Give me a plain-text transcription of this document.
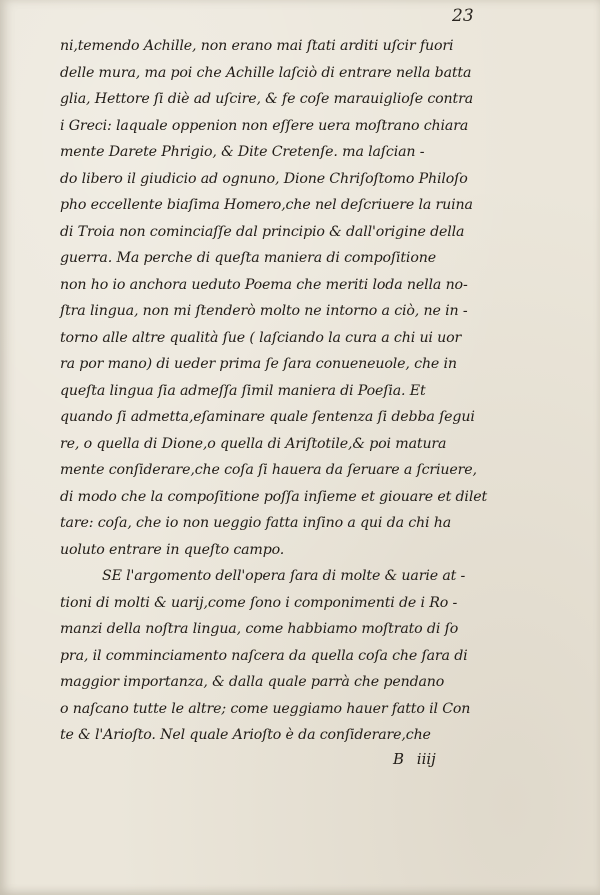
23
ni,temendo Achille, non erano mai ſtati arditi uſcir fuori
delle mura, ma poi che Achille laſciò di entrare nella batta
glia, Hettore ſi diè ad uſcire, & fe coſe marauiglioſe contra
i Greci: laquale oppenion non eſſere uera moſtrano chiara
mente Darete Phrigio, & Dite Cretenſe. ma laſcian -
do libero il giudicio ad ognuno, Dione Chriſoſtomo Philoſo
pho eccellente biaſima Homero,che nel deſcriuere la ruina
di Troia non cominciaſſe dal principio & dall'origine della
guerra. Ma perche di queſta maniera di compoſitione
non ho io anchora ueduto Poema che meriti loda nella no-
ſtra lingua, non mi ſtenderò molto ne intorno a ciò, ne in -
torno alle altre qualità ſue ( laſciando la cura a chi ui uor
ra por mano) di ueder prima ſe ſara conueneuole, che in
queſta lingua ſia admeſſa ſimil maniera di Poeſia. Et
quando ſi admetta,eſaminare quale ſentenza ſi debba ſegui
re, o quella di Dione,o quella di Ariſtotile,& poi matura
mente conſiderare,che coſa ſi hauera da ſeruare a ſcriuere,
di modo che la compoſitione poſſa inſieme et giouare et dilet
tare: coſa, che io non ueggio fatta inſino a qui da chi ha
uoluto entrare in queſto campo.
SE l'argomento dell'opera ſara di molte & uarie at -
tioni di molti & uarij,come ſono i componimenti de i Ro -
manzi della noſtra lingua, come habbiamo moſtrato di ſo
pra, il comminciamento naſcera da quella coſa che ſara di
maggior importanza, & dalla quale parrà che pendano
o naſcano tutte le altre; come ueggiamo hauer fatto il Con
te & l'Arioſto. Nel quale Arioſto è da conſiderare,che
B iiij
